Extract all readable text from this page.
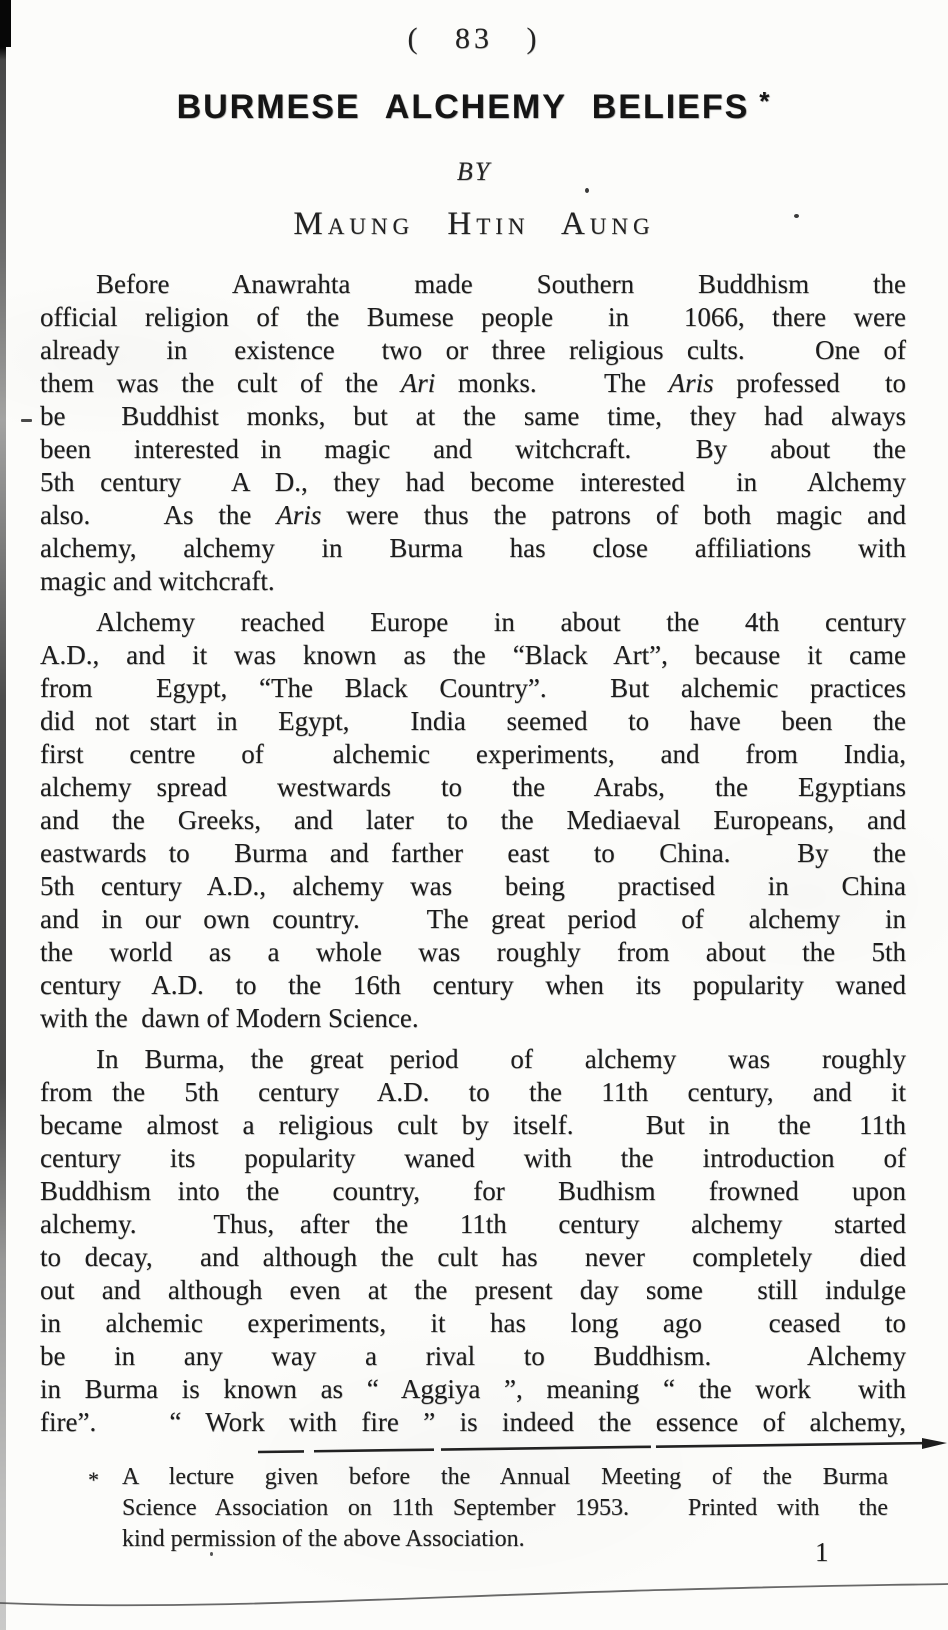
( 83 )
BURMESE ALCHEMY BELIEFS *
BY
Maung Htin Aung
Before  Anawrahta  made  Southern  Buddhism  the
official religion of the Bumese people  in  1066, there were
already  in  existence  two or three religious cults.   One of
them was the cult of the Ari monks.   The Aris professed  to
be  Buddhist monks, but at the same time, they had always
been  interested in  magic  and  witchcraft.   By  about  the
5th century  A D., they had become interested  in  Alchemy
also.   As the Aris were thus the patrons of both magic and
alchemy,  alchemy  in  Burma  has  close  affiliations  with
magic and witchcraft.
Alchemy  reached  Europe  in  about  the  4th  century
A.D., and it was known as the “Black Art”, because it came
from  Egypt, “The Black Country”.  But alchemic practices
did not start in  Egypt,   India  seemed  to  have  been  the
first  centre  of   alchemic  experiments,  and  from  India,
alchemy spread  westwards  to  the  Arabs,  the  Egyptians
and the Greeks, and later to the Mediaeval Europeans, and
eastwards to  Burma and farther  east  to  China.   By  the
5th century A.D., alchemy was  being  practised  in  China
and in our own country.   The great period  of  alchemy  in
the  world  as  a  whole  was  roughly  from  about  the  5th
century A.D. to the 16th century when its popularity waned
with the  dawn of Modern Science.
In Burma, the great period  of  alchemy  was  roughly
from the  5th  century  A.D.  to  the  11th  century,  and  it
became almost a religious cult by itself.   But in  the  11th
century  its  popularity  waned  with  the  introduction  of
Buddhism into the  country,  for  Budhism  frowned  upon
alchemy.   Thus, after the  11th  century  alchemy  started
to decay,  and although the cult has  never  completely  died
out and although even at the present day some  still indulge
in  alchemic  experiments,  it  has  long  ago   ceased  to
be  in  any  way  a  rival  to  Buddhism.    Alchemy
in Burma is known as “ Aggiya ”, meaning “ the work  with
fire”.   “ Work with fire ” is indeed the essence of alchemy,
* A  lecture  given  before  the  Annual  Meeting  of  the  Burma
Science Association on 11th September 1953.   Printed with  the
kind permission of the above Association.	1
